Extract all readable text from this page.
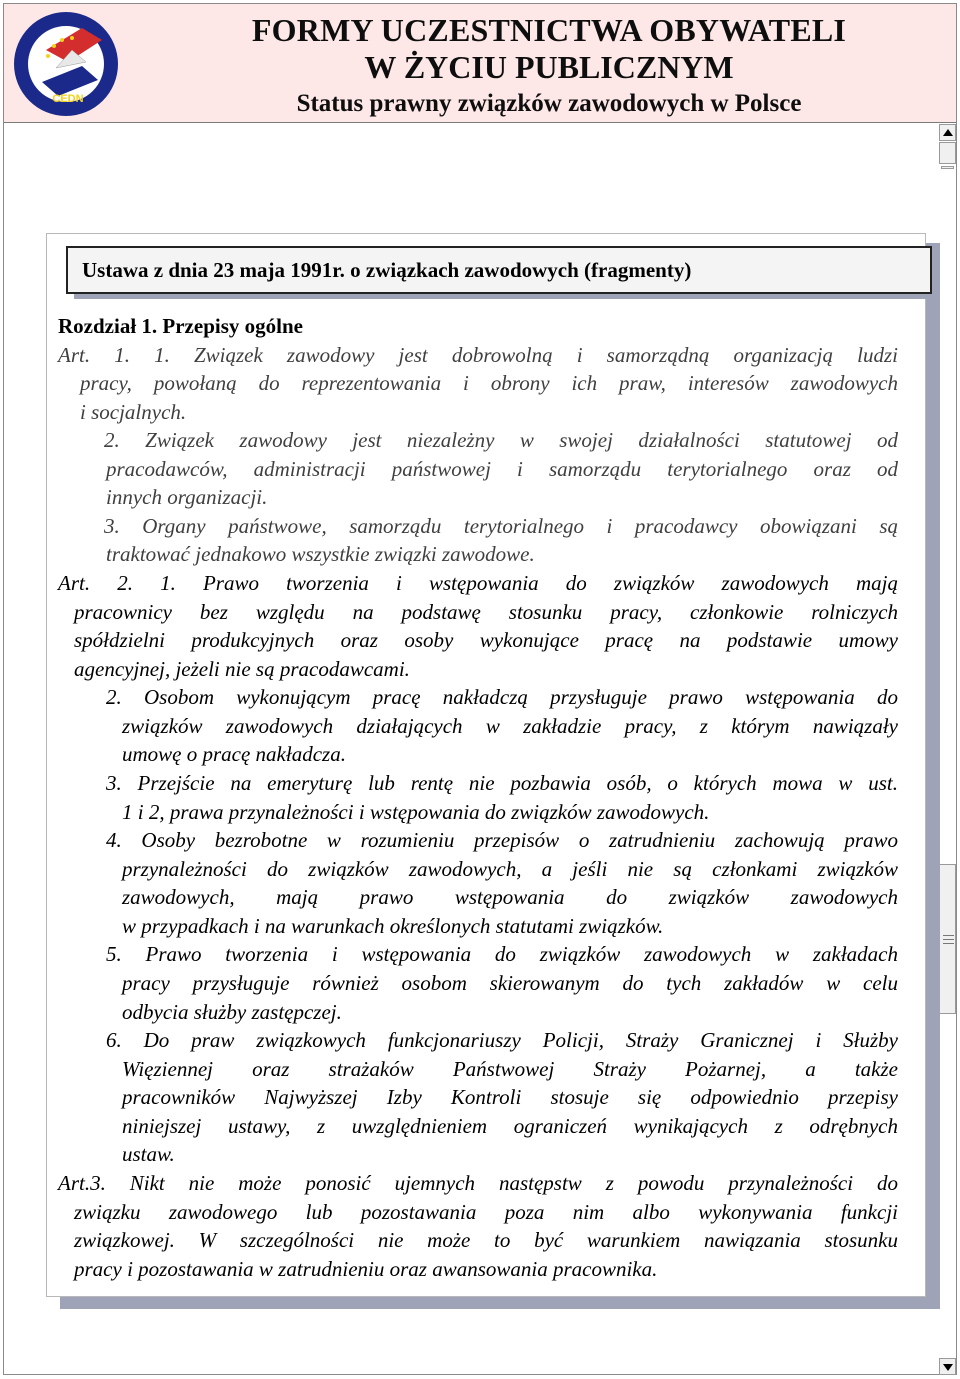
CEDN
FORMY UCZESTNICTWA OBYWATELI
W ŻYCIU PUBLICZNYM
Status prawny związków zawodowych w Polsce
Ustawa z dnia 23 maja 1991r. o związkach zawodowych (fragmenty)
Rozdział 1. Przepisy ogólne
Art. 1. 1. Związek zawodowy jest dobrowolną i samorządną organizacją ludzi
pracy, powołaną do reprezentowania i obrony ich praw, interesów zawodowych
i socjalnych.
2. Związek zawodowy jest niezależny w swojej działalności statutowej od
pracodawców, administracji państwowej i samorządu terytorialnego oraz od
innych organizacji.
3. Organy państwowe, samorządu terytorialnego i pracodawcy obowiązani są
traktować jednakowo wszystkie związki zawodowe.
Art. 2. 1. Prawo tworzenia i wstępowania do związków zawodowych mają
pracownicy bez względu na podstawę stosunku pracy, członkowie rolniczych
spółdzielni produkcyjnych oraz osoby wykonujące pracę na podstawie umowy
agencyjnej, jeżeli nie są pracodawcami.
2. Osobom wykonującym pracę nakładczą przysługuje prawo wstępowania do
związków zawodowych działających w zakładzie pracy, z którym nawiązały
umowę o pracę nakładcza.
3. Przejście na emeryturę lub rentę nie pozbawia osób, o których mowa w ust.
1 i 2, prawa przynależności i wstępowania do związków zawodowych.
4. Osoby bezrobotne w rozumieniu przepisów o zatrudnieniu zachowują prawo
przynależności do związków zawodowych, a jeśli nie są członkami związków
zawodowych, mają prawo wstępowania do związków zawodowych
w przypadkach i na warunkach określonych statutami związków.
5. Prawo tworzenia i wstępowania do związków zawodowych w zakładach
pracy przysługuje również osobom skierowanym do tych zakładów w celu
odbycia służby zastępczej.
6. Do praw związkowych funkcjonariuszy Policji, Straży Granicznej i Służby
Więziennej oraz strażaków Państwowej Straży Pożarnej, a także
pracowników Najwyższej Izby Kontroli stosuje się odpowiednio przepisy
niniejszej ustawy, z uwzględnieniem ograniczeń wynikających z odrębnych
ustaw.
Art.3. Nikt nie może ponosić ujemnych następstw z powodu przynależności do
związku zawodowego lub pozostawania poza nim albo wykonywania funkcji
związkowej. W szczególności nie może to być warunkiem nawiązania stosunku
pracy i pozostawania w zatrudnieniu oraz awansowania pracownika.
